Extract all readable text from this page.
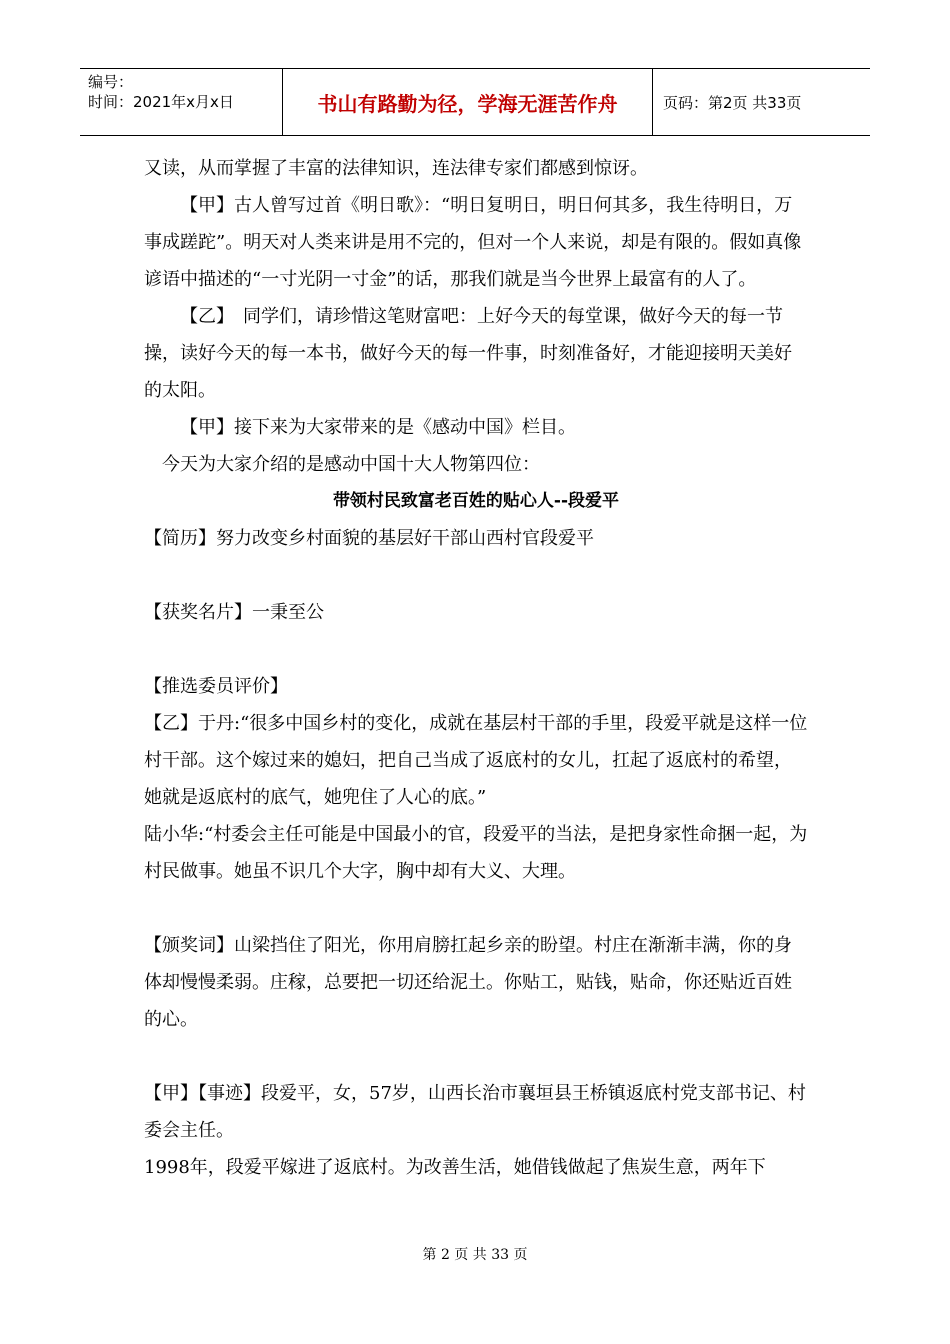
编号：
时间：2021年x月x日	书山有路勤为径，学海无涯苦作舟	页码：第2页 共33页

又读，从而掌握了丰富的法律知识，连法律专家们都感到惊讶。

【甲】古人曾写过首《明日歌》：“明日复明日，明日何其多，我生待明日，万事成蹉跎”。明天对人类来讲是用不完的，但对一个人来说，却是有限的。假如真像谚语中描述的“一寸光阴一寸金”的话，那我们就是当今世界上最富有的人了。

【乙】　同学们，请珍惜这笔财富吧：上好今天的每堂课，做好今天的每一节操，读好今天的每一本书，做好今天的每一件事，时刻准备好，才能迎接明天美好的太阳。

【甲】接下来为大家带来的是《感动中国》栏目。

今天为大家介绍的是感动中国十大人物第四位：

带领村民致富老百姓的贴心人--段爱平

【简历】努力改变乡村面貌的基层好干部山西村官段爱平

【获奖名片】一秉至公

【推选委员评价】

【乙】于丹:“很多中国乡村的变化，成就在基层村干部的手里，段爱平就是这样一位村干部。这个嫁过来的媳妇，把自己当成了返底村的女儿，扛起了返底村的希望，她就是返底村的底气，她兜住了人心的底。”

陆小华:“村委会主任可能是中国最小的官，段爱平的当法，是把身家性命捆一起，为村民做事。她虽不识几个大字，胸中却有大义、大理。

【颁奖词】山梁挡住了阳光，你用肩膀扛起乡亲的盼望。村庄在渐渐丰满，你的身体却慢慢柔弱。庄稼，总要把一切还给泥土。你贴工，贴钱，贴命，你还贴近百姓的心。

【甲】【事迹】段爱平，女，57岁，山西长治市襄垣县王桥镇返底村党支部书记、村委会主任。

1998年，段爱平嫁进了返底村。为改善生活，她借钱做起了焦炭生意，两年下

第 2 页 共 33 页
